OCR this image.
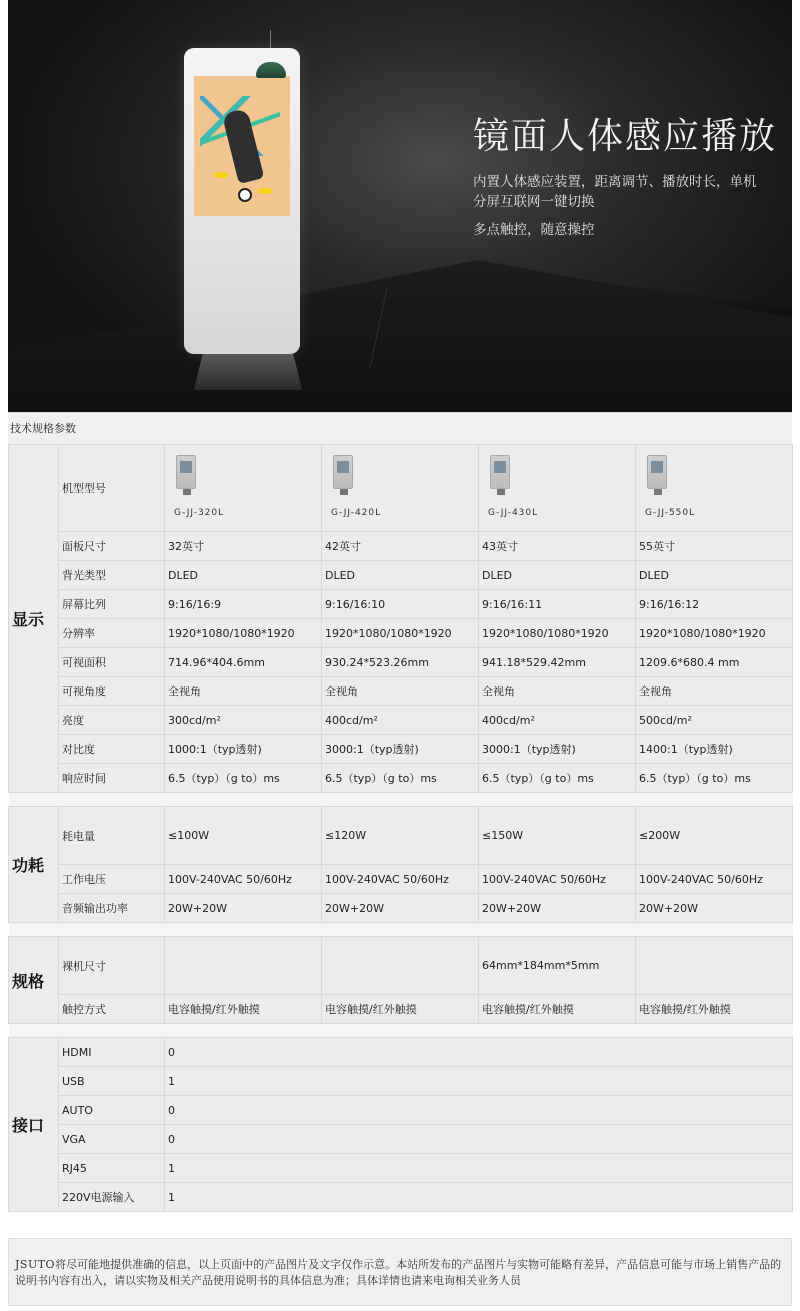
镜面人体感应播放
内置人体感应装置，距离调节、播放时长，单机分屏互联网一键切换
多点触控，随意操控
技术规格参数
显示	机型型号	G-JJ-320L	G-JJ-420L	G-JJ-430L	G-JJ-550L

	面板尺寸	32英寸	42英寸	43英寸	55英寸
	背光类型	DLED	DLED	DLED	DLED
	屏幕比列	9:16/16:9	9:16/16:10	9:16/16:11	9:16/16:12
	分辨率	1920*1080/1080*1920	1920*1080/1080*1920	1920*1080/1080*1920	1920*1080/1080*1920
	可视面积	714.96*404.6mm	930.24*523.26mm	941.18*529.42mm	1209.6*680.4 mm
	可视角度	全视角	全视角	全视角	全视角
	亮度	300cd/m²	400cd/m²	400cd/m²	500cd/m²
	对比度	1000:1（typ透射)	3000:1（typ透射)	3000:1（typ透射)	1400:1（typ透射)
	响应时间	6.5（typ）（g to）ms	6.5（typ）（g to）ms	6.5（typ）（g to）ms	6.5（typ）（g to）ms

功耗	耗电量	≤100W	≤120W	≤150W	≤200W
	工作电压	100V-240VAC 50/60Hz	100V-240VAC 50/60Hz	100V-240VAC 50/60Hz	100V-240VAC 50/60Hz
	音频输出功率	20W+20W	20W+20W	20W+20W	20W+20W

规格	裸机尺寸			64mm*184mm*5mm	
	触控方式	电容触摸/红外触摸	电容触摸/红外触摸	电容触摸/红外触摸	电容触摸/红外触摸

接口	HDMI	0			
	USB	1			
	AUTO	0			
	VGA	0			
	RJ45	1			
	220V电源输入	1			
JSUTO将尽可能地提供准确的信息，以上页面中的产品图片及文字仅作示意。本站所发布的产品图片与实物可能略有差异，产品信息可能与市场上销售产品的说明书内容有出入，请以实物及相关产品使用说明书的具体信息为准；具体详情也请来电询相关业务人员
